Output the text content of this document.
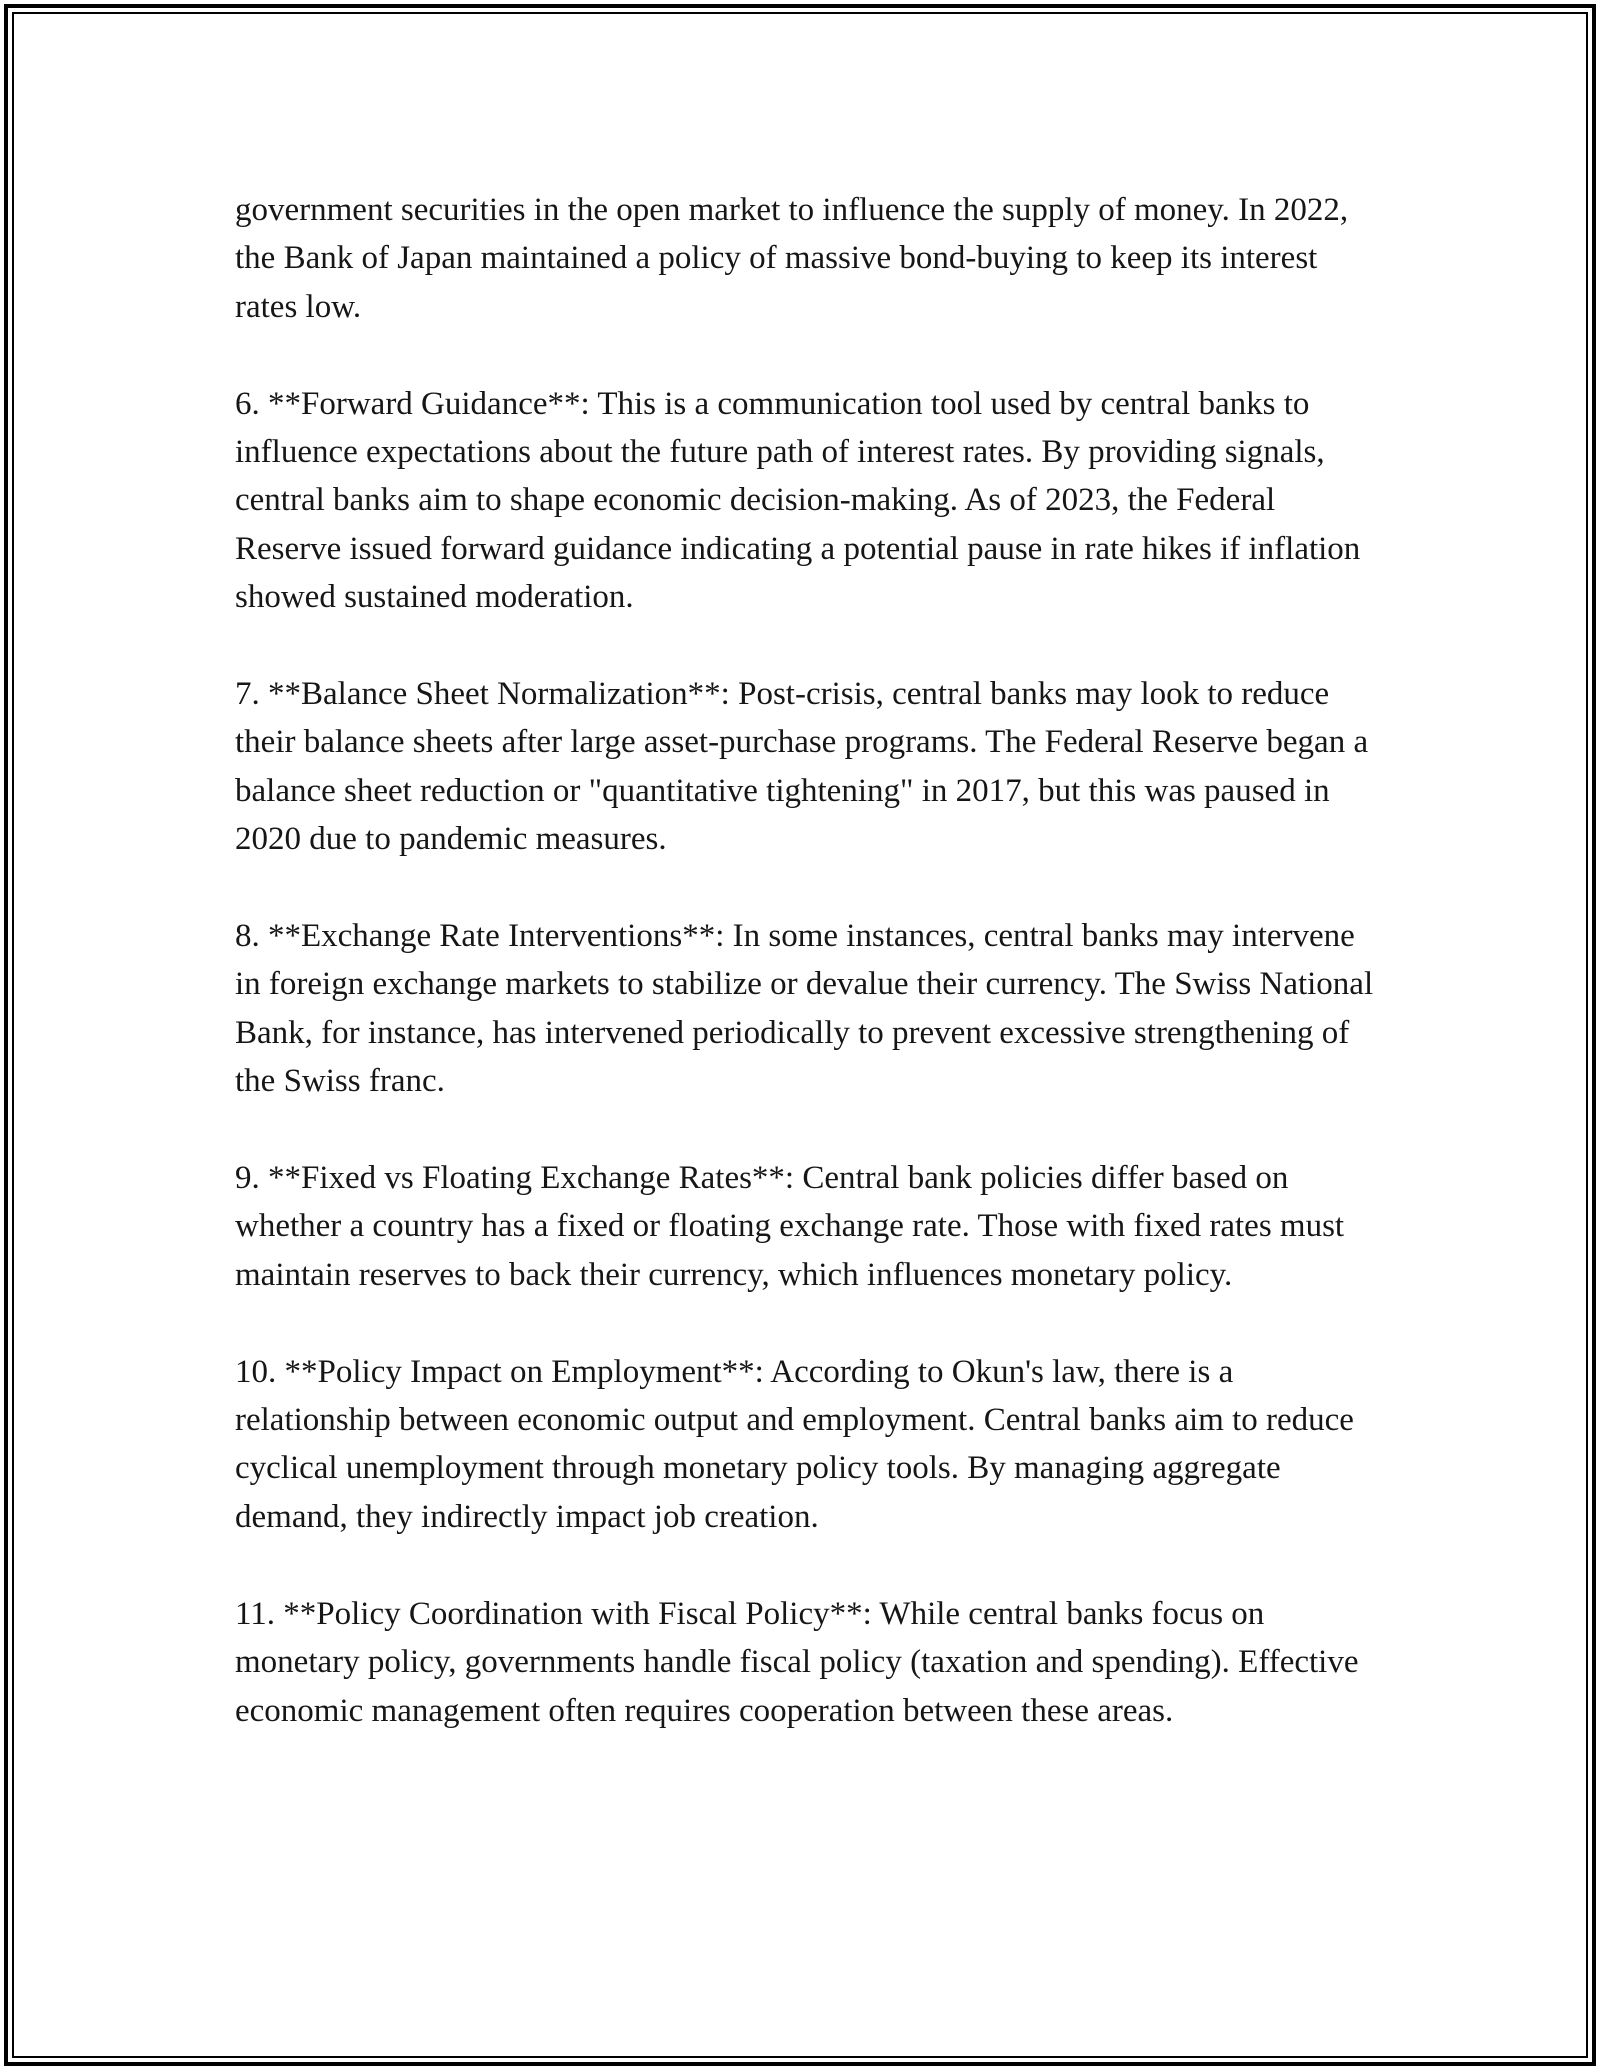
government securities in the open market to influence the supply of money. In 2022, the Bank of Japan maintained a policy of massive bond-buying to keep its interest rates low.

6. **Forward Guidance**: This is a communication tool used by central banks to influence expectations about the future path of interest rates. By providing signals, central banks aim to shape economic decision-making. As of 2023, the Federal Reserve issued forward guidance indicating a potential pause in rate hikes if inflation showed sustained moderation.

7. **Balance Sheet Normalization**: Post-crisis, central banks may look to reduce their balance sheets after large asset-purchase programs. The Federal Reserve began a balance sheet reduction or "quantitative tightening" in 2017, but this was paused in 2020 due to pandemic measures.

8. **Exchange Rate Interventions**: In some instances, central banks may intervene in foreign exchange markets to stabilize or devalue their currency. The Swiss National Bank, for instance, has intervened periodically to prevent excessive strengthening of the Swiss franc.

9. **Fixed vs Floating Exchange Rates**: Central bank policies differ based on whether a country has a fixed or floating exchange rate. Those with fixed rates must maintain reserves to back their currency, which influences monetary policy.

10. **Policy Impact on Employment**: According to Okun's law, there is a relationship between economic output and employment. Central banks aim to reduce cyclical unemployment through monetary policy tools. By managing aggregate demand, they indirectly impact job creation.

11. **Policy Coordination with Fiscal Policy**: While central banks focus on monetary policy, governments handle fiscal policy (taxation and spending). Effective economic management often requires cooperation between these areas.
